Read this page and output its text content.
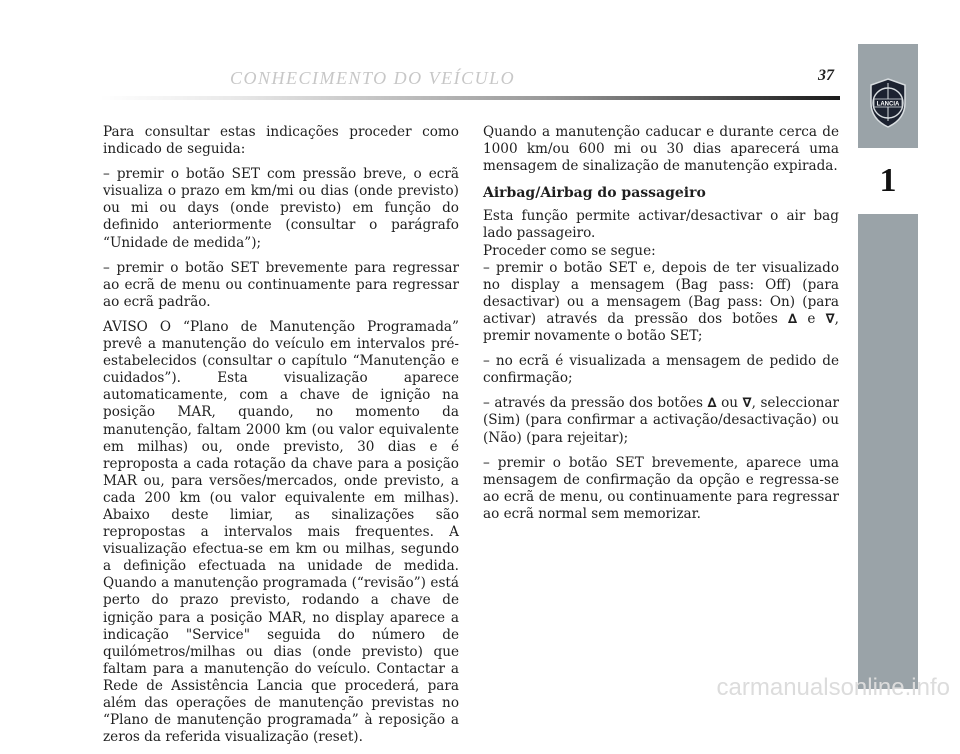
CONHECIMENTO DO VEÍCULO	37
LANCIA
1

Para consultar estas indicações proceder como indicado de seguida:

– premir o botão SET com pressão breve, o ecrã visualiza o prazo em km/mi ou dias (onde previsto) ou mi ou days (onde previsto) em função do definido anteriormente (consultar o parágrafo “Unidade de medida”);

– premir o botão SET brevemente para regressar ao ecrã de menu ou continuamente para regressar ao ecrã padrão.

AVISO O “Plano de Manutenção Programada” prevê a manutenção do veículo em intervalos pré-estabelecidos (consultar o capítulo “Manutenção e cuidados”). Esta visualização aparece automaticamente, com a chave de ignição na posição MAR, quando, no momento da manutenção, faltam 2000 km (ou valor equivalente em milhas) ou, onde previsto, 30 dias e é reproposta a cada rotação da chave para a posição MAR ou, para versões/mercados, onde previsto, a cada 200 km (ou valor equivalente em milhas). Abaixo deste limiar, as sinalizações são repropostas a intervalos mais frequentes. A visualização efectua-se em km ou milhas, segundo a definição efectuada na unidade de medida. Quando a manutenção programada (“revisão”) está perto do prazo previsto, rodando a chave de ignição para a posição MAR, no display aparece a indicação "Service" seguida do número de quilómetros/milhas ou dias (onde previsto) que faltam para a manutenção do veículo. Contactar a Rede de Assistência Lancia que procederá, para além das operações de manutenção previstas no “Plano de manutenção programada” à reposição a zeros da referida visualização (reset).

Quando a manutenção caducar e durante cerca de 1000 km/ou 600 mi ou 30 dias aparecerá uma mensagem de sinalização de manutenção expirada.

Airbag/Airbag do passageiro

Esta função permite activar/desactivar o air bag lado passageiro.

Proceder como se segue:

– premir o botão SET e, depois de ter visualizado no display a mensagem (Bag pass: Off) (para desactivar) ou a mensagem (Bag pass: On) (para activar) através da pressão dos botões ∆ e ∇, premir novamente o botão SET;

– no ecrã é visualizada a mensagem de pedido de confirmação;

– através da pressão dos botões ∆ ou ∇, seleccionar (Sim) (para confirmar a activação/desactivação) ou (Não) (para rejeitar);

– premir o botão SET brevemente, aparece uma mensagem de confirmação da opção e regressa-se ao ecrã de menu, ou continuamente para regressar ao ecrã normal sem memorizar.

carmanualsonline.info
